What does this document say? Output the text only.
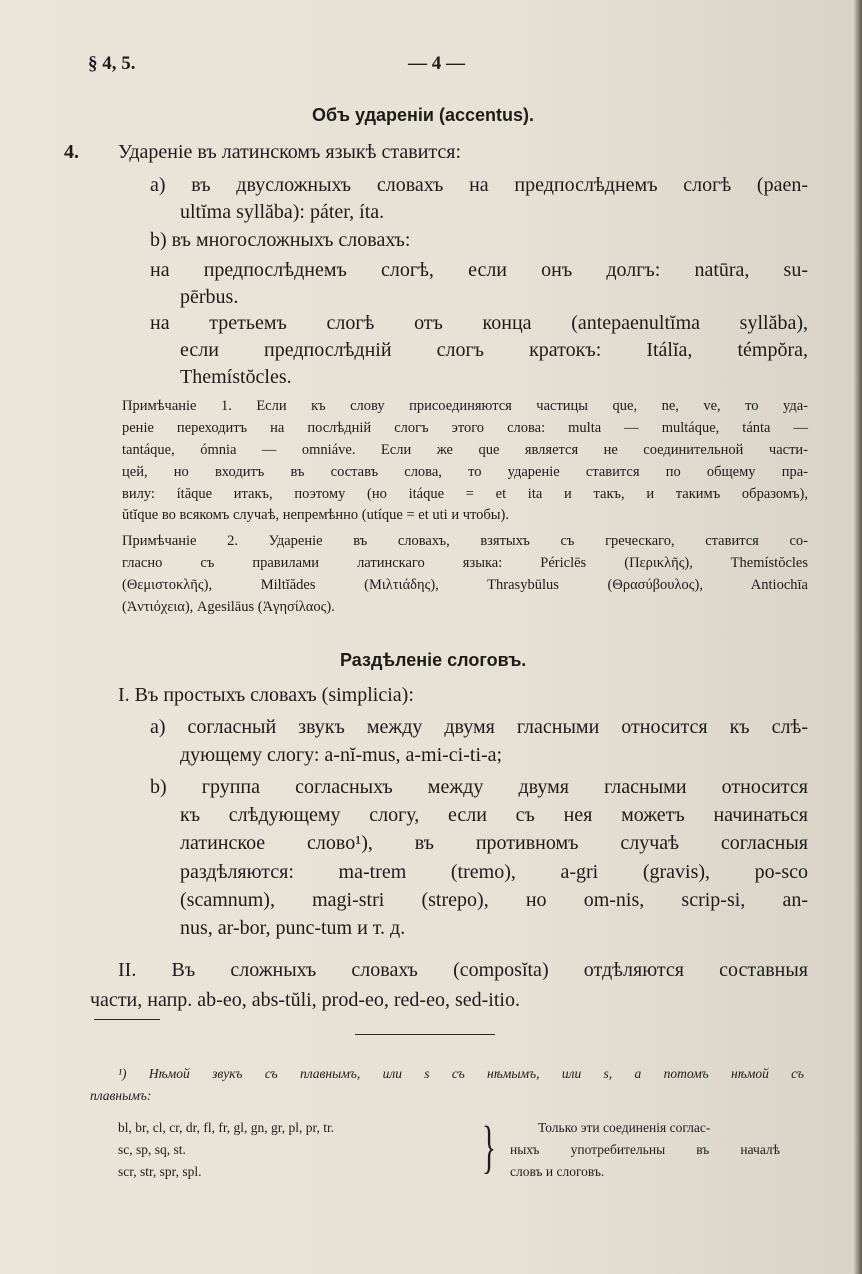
§ 4, 5.	— 4 —
Объ удареніи (accentus).
4. Удареніе въ латинскомъ языкѣ ставится:
a) въ двусложныхъ словахъ на предпослѣднемъ слогѣ (paen-
ultĭma syllăba): páter, íta.
b) въ многосложныхъ словахъ:
на предпослѣднемъ слогѣ, если онъ долгъ: natūra, su-
pērbus.
на третьемъ слогѣ отъ конца (antepaenultĭma syllăba),
если предпослѣдній слогъ кратокъ: Itálĭa, témpŏra,
Themístŏcles.
Примѣчаніе 1. Если къ слову присоединяются частицы que, ne, ve, то уда-
реніе переходитъ на послѣдній слогъ этого слова: multa — multáque, tánta —
tantáque, ómnia — omniáve. Если же que является не соединительной части-
цей, но входитъ въ составъ слова, то удареніе ставится по общему пра-
вилу: ítăque итакъ, поэтому (но itáque = et ita и такъ, и такимъ образомъ),
ŭtĭque во всякомъ случаѣ, непремѣнно (utíque = et uti и чтобы).
Примѣчаніе 2. Удареніе въ словахъ, взятыхъ съ греческаго, ставится со-
гласно съ правилами латинскаго языка: Périclēs (Περικλῆς), Themístŏcles
(Θεμιστοκλῆς), Miltĭădes (Μιλτιάδης), Thrasybūlus (Θρασύβουλος), Antiochīa
(Ἀντιόχεια), Agesilāus (Ἀγησίλαος).
Раздѣленіе слоговъ.
I. Въ простыхъ словахъ (simplicia):
a) согласный звукъ между двумя гласными относится къ слѣ-
дующему слогу: a-nĭ-mus, a-mi-ci-ti-a;
b) группа согласныхъ между двумя гласными относится
къ слѣдующему слогу, если съ нея можетъ начинаться
латинское слово¹), въ противномъ случаѣ согласныя
раздѣляются: ma-trem (tremo), a-gri (gravis), po-sco
(scamnum), magi-stri (strepo), но om-nis, scrip-si, an-
nus, ar-bor, punc-tum и т. д.
II. Въ сложныхъ словахъ (composĭta) отдѣляются составныя
части, напр. ab-eo, abs-tŭli, prod-eo, red-eo, sed-itio.
¹) Нѣмой звукъ съ плавнымъ, или s съ нѣмымъ, или s, а потомъ нѣмой съ
плавнымъ:
bl, br, cl, cr, dr, fl, fr, gl, gn, gr, pl, pr, tr.
sc, sp, sq, st.
scr, str, spr, spl.	}	Только эти соединенія соглас-
ныхъ употребительны въ началѣ
словъ и слоговъ.
